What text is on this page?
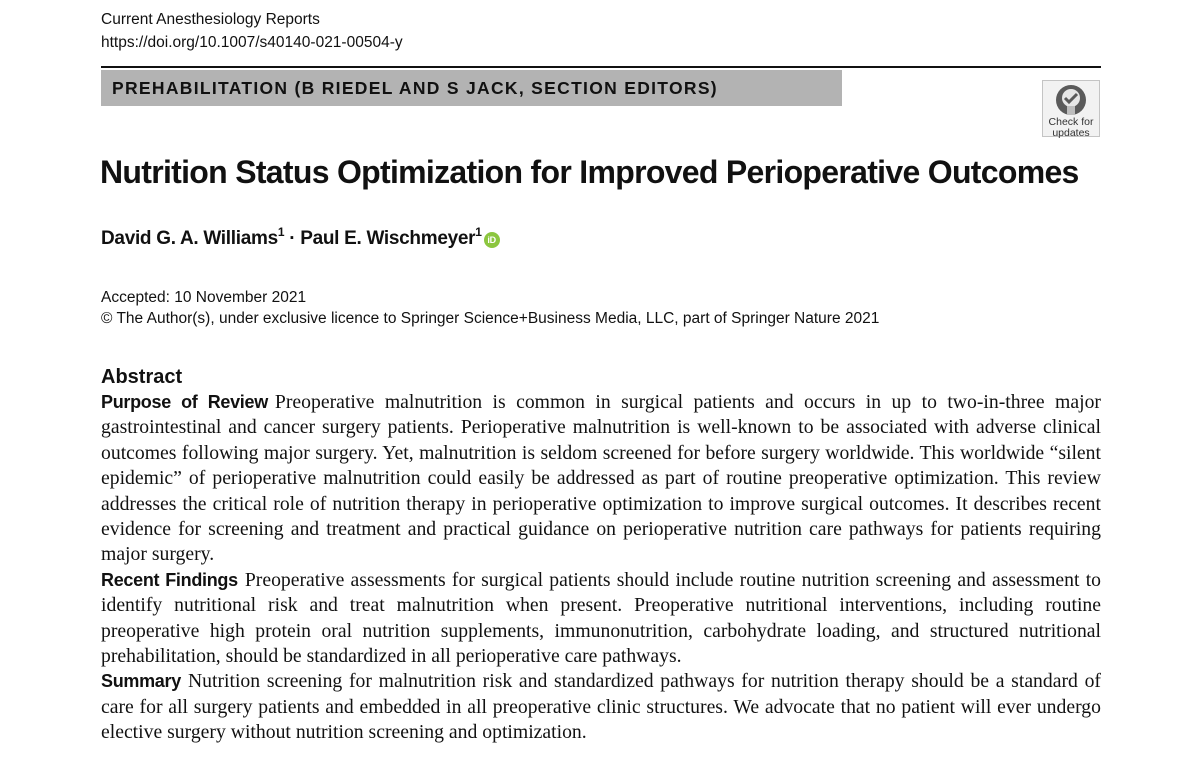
Current Anesthesiology Reports
https://doi.org/10.1007/s40140-021-00504-y
PREHABILITATION (B RIEDEL AND S JACK, SECTION EDITORS)
Check for updates
Nutrition Status Optimization for Improved Perioperative Outcomes
David G. A. Williams$^1$ · Paul E. Wischmeyer$^1$iD
Accepted: 10 November 2021
© The Author(s), under exclusive licence to Springer Science+Business Media, LLC, part of Springer Nature 2021
Abstract

Purpose of Review Preoperative malnutrition is common in surgical patients and occurs in up to two-in-three major gastrointestinal and cancer surgery patients. Perioperative malnutrition is well-known to be associated with adverse clinical outcomes following major surgery. Yet, malnutrition is seldom screened for before surgery worldwide. This worldwide “silent epidemic” of perioperative malnutrition could easily be addressed as part of routine preoperative optimization. This review addresses the critical role of nutrition therapy in perioperative optimization to improve surgical outcomes. It describes recent evidence for screening and treatment and practical guidance on perioperative nutrition care pathways for patients requiring major surgery.

Recent Findings Preoperative assessments for surgical patients should include routine nutrition screening and assessment to identify nutritional risk and treat malnutrition when present. Preoperative nutritional interventions, including routine preoperative high protein oral nutrition supplements, immunonutrition, carbohydrate loading, and structured nutritional prehabilitation, should be standardized in all perioperative care pathways.

Summary Nutrition screening for malnutrition risk and standardized pathways for nutrition therapy should be a standard of care for all surgery patients and embedded in all preoperative clinic structures. We advocate that no patient will ever undergo elective surgery without nutrition screening and optimization.
